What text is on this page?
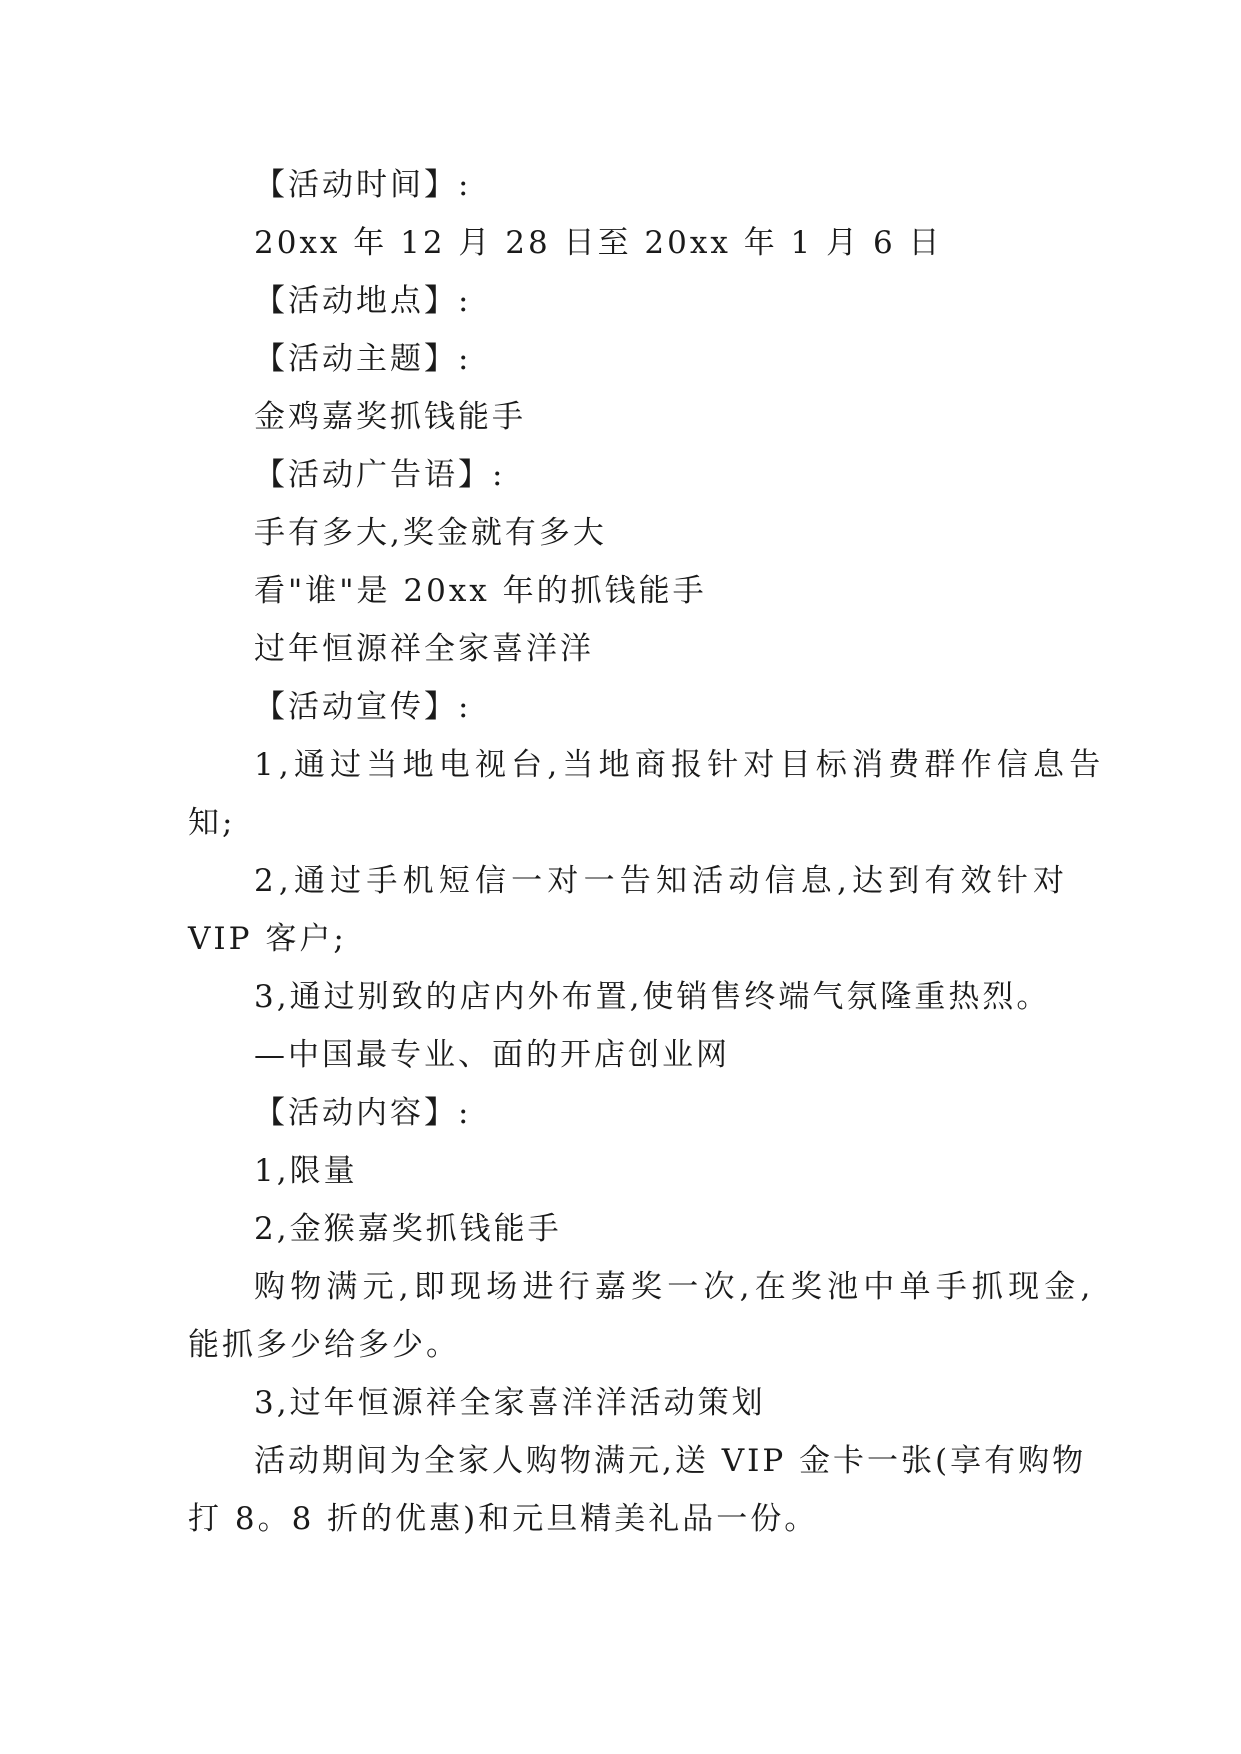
【活动时间】:

20xx 年 12 月 28 日至 20xx 年 1 月 6 日

【活动地点】:

【活动主题】:

金鸡嘉奖抓钱能手

【活动广告语】:

手有多大,奖金就有多大

看"谁"是 20xx 年的抓钱能手

过年恒源祥全家喜洋洋

【活动宣传】:

1,通过当地电视台,当地商报针对目标消费群作信息告

知;

2,通过手机短信一对一告知活动信息,达到有效针对

VIP 客户;

3,通过别致的店内外布置,使销售终端气氛隆重热烈。

—中国最专业、面的开店创业网

【活动内容】:

1,限量

2,金猴嘉奖抓钱能手

购物满元,即现场进行嘉奖一次,在奖池中单手抓现金,

能抓多少给多少。

3,过年恒源祥全家喜洋洋活动策划

活动期间为全家人购物满元,送 VIP 金卡一张(享有购物

打 8。8 折的优惠)和元旦精美礼品一份。
